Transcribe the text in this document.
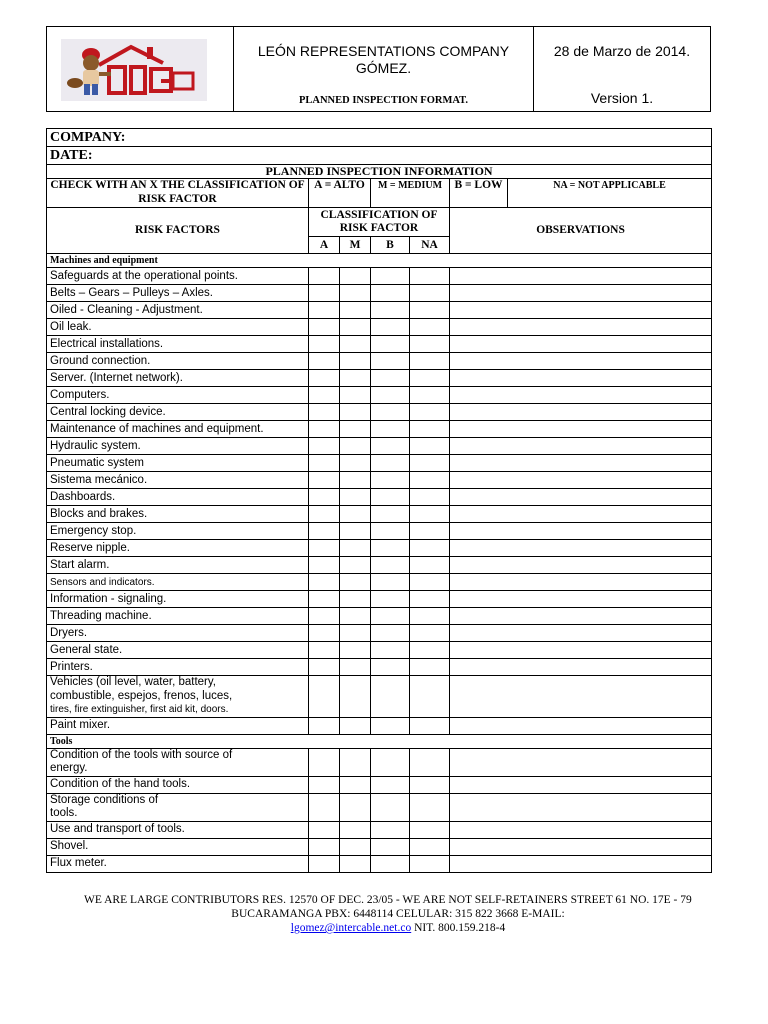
LEÓN REPRESENTATIONS COMPANY GÓMEZ.
PLANNED INSPECTION FORMAT.

28 de Marzo de 2014.
Version 1.
COMPANY:						
DATE:						
PLANNED INSPECTION INFORMATION						
CHECK WITH AN X THE CLASSIFICATION OF RISK FACTOR	A = ALTO		M = MEDIUM		B = LOW	NA = NOT APPLICABLE
RISK FACTORS	CLASSIFICATION OF RISK FACTOR				OBSERVATIONS	
	A	M	B	NA		
Machines and equipment						
Safeguards at the operational points.						
Belts – Gears – Pulleys – Axles.						
Oiled - Cleaning - Adjustment.						
Oil leak.						
Electrical installations.						
Ground connection.						
Server. (Internet network).						
Computers.						
Central locking device.						
Maintenance of machines and equipment.						
Hydraulic system.						
Pneumatic system						
Sistema mecánico.						
Dashboards.						
Blocks and brakes.						
Emergency stop.						
Reserve nipple.						
Start alarm.						
Sensors and indicators.						
Information - signaling.						
Threading machine.						
Dryers.						
General state.						
Printers.						

Vehicles (oil level, water, battery,
combustible, espejos, frenos, luces,
tires, fire extinguisher, first aid kit, doors.						

Paint mixer.						
Tools						

Condition of the tools with source of
energy.						

Condition of the hand tools.						

Storage conditions of
tools.						

Use and transport of tools.						
Shovel.						
Flux meter.						
WE ARE LARGE CONTRIBUTORS RES. 12570 OF DEC. 23/05 - WE ARE NOT SELF-RETAINERS STREET 61 NO. 17E - 79
BUCARAMANGA PBX: 6448114 CELULAR: 315 822 3668 E-MAIL:
lgomez@intercable.net.co NIT. 800.159.218-4
